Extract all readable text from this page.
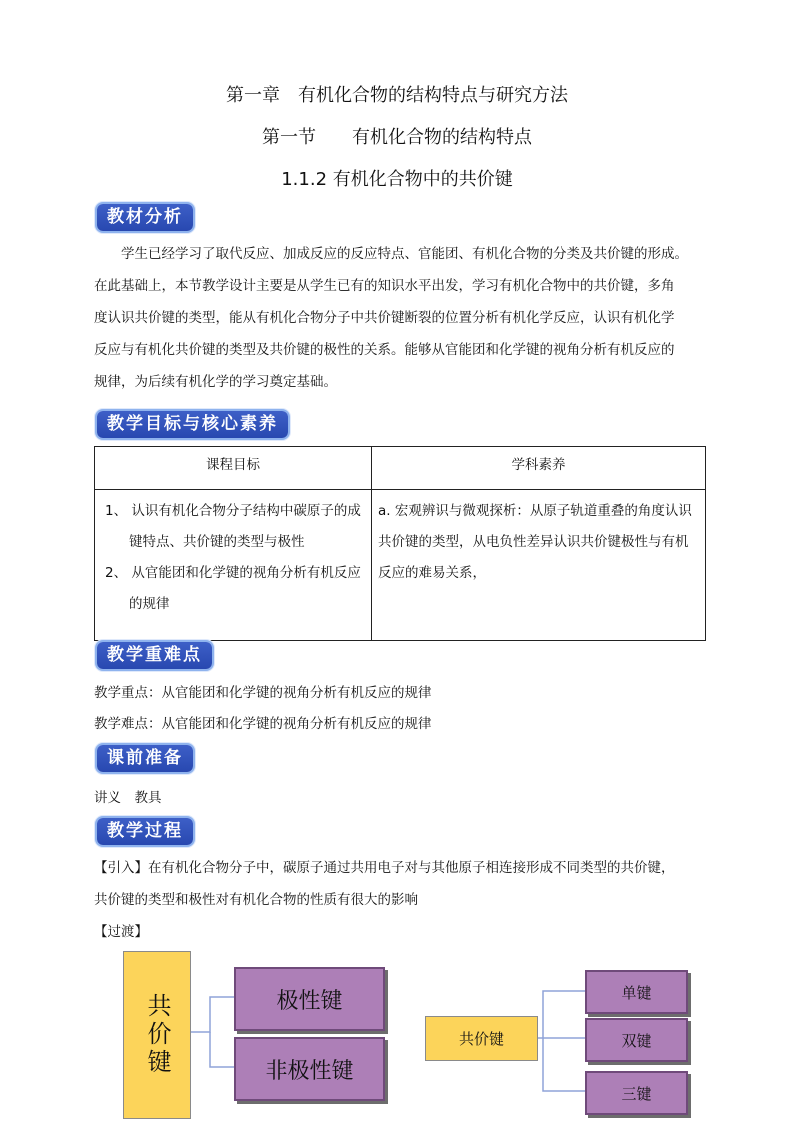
第一章　有机化合物的结构特点与研究方法
第一节　　有机化合物的结构特点
1.1.2 有机化合物中的共价键
教材分析

学生已经学习了取代反应、加成反应的反应特点、官能团、有机化合物的分类及共价键的形成。

在此基础上，本节教学设计主要是从学生已有的知识水平出发，学习有机化合物中的共价键，多角

度认识共价键的类型，能从有机化合物分子中共价键断裂的位置分析有机化学反应，认识有机化学

反应与有机化共价键的类型及共价键的极性的关系。能够从官能团和化学键的视角分析有机反应的

规律，为后续有机化学的学习奠定基础。

教学目标与核心素养
课程目标	学科素养

1、 认识有机化合物分子结构中碳原子的成键特点、共价键的类型与极性
2、 从官能团和化学键的视角分析有机反应的规律	a. 宏观辨识与微观探析：从原子轨道重叠的角度认识共价键的类型，从电负性差异认识共价键极性与有机反应的难易关系，
教学重难点
教学重点：从官能团和化学键的视角分析有机反应的规律
教学难点：从官能团和化学键的视角分析有机反应的规律
课前准备
讲义　教具
教学过程

【引入】在有机化合物分子中，碳原子通过共用电子对与其他原子相连接形成不同类型的共价键，

共价键的类型和极性对有机化合物的性质有很大的影响

【过渡】
共价键	极性键
非极性键
共价键
单键
双键
三键
